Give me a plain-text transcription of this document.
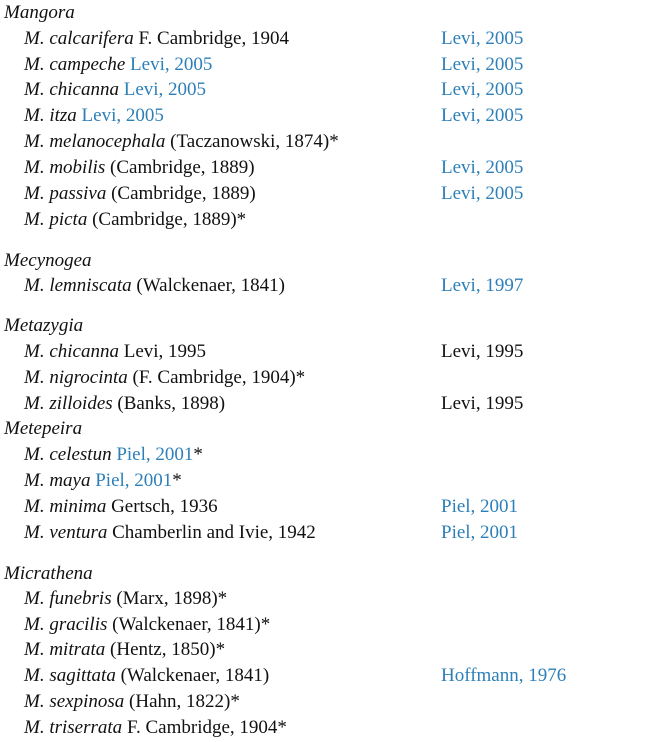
Mangora
M. calcarifera F. Cambridge, 1904	Levi, 2005
M. campeche Levi, 2005	Levi, 2005
M. chicanna Levi, 2005	Levi, 2005
M. itza Levi, 2005	Levi, 2005
M. melanocephala (Taczanowski, 1874)*
M. mobilis (Cambridge, 1889)	Levi, 2005
M. passiva (Cambridge, 1889)	Levi, 2005
M. picta (Cambridge, 1889)*
Mecynogea
M. lemniscata (Walckenaer, 1841)	Levi, 1997
Metazygia
M. chicanna Levi, 1995	Levi, 1995
M. nigrocinta (F. Cambridge, 1904)*
M. zilloides (Banks, 1898)	Levi, 1995
Metepeira
M. celestun Piel, 2001*
M. maya Piel, 2001*
M. minima Gertsch, 1936	Piel, 2001
M. ventura Chamberlin and Ivie, 1942	Piel, 2001
Micrathena
M. funebris (Marx, 1898)*
M. gracilis (Walckenaer, 1841)*
M. mitrata (Hentz, 1850)*
M. sagittata (Walckenaer, 1841)	Hoffmann, 1976
M. sexpinosa (Hahn, 1822)*
M. triserrata F. Cambridge, 1904*
